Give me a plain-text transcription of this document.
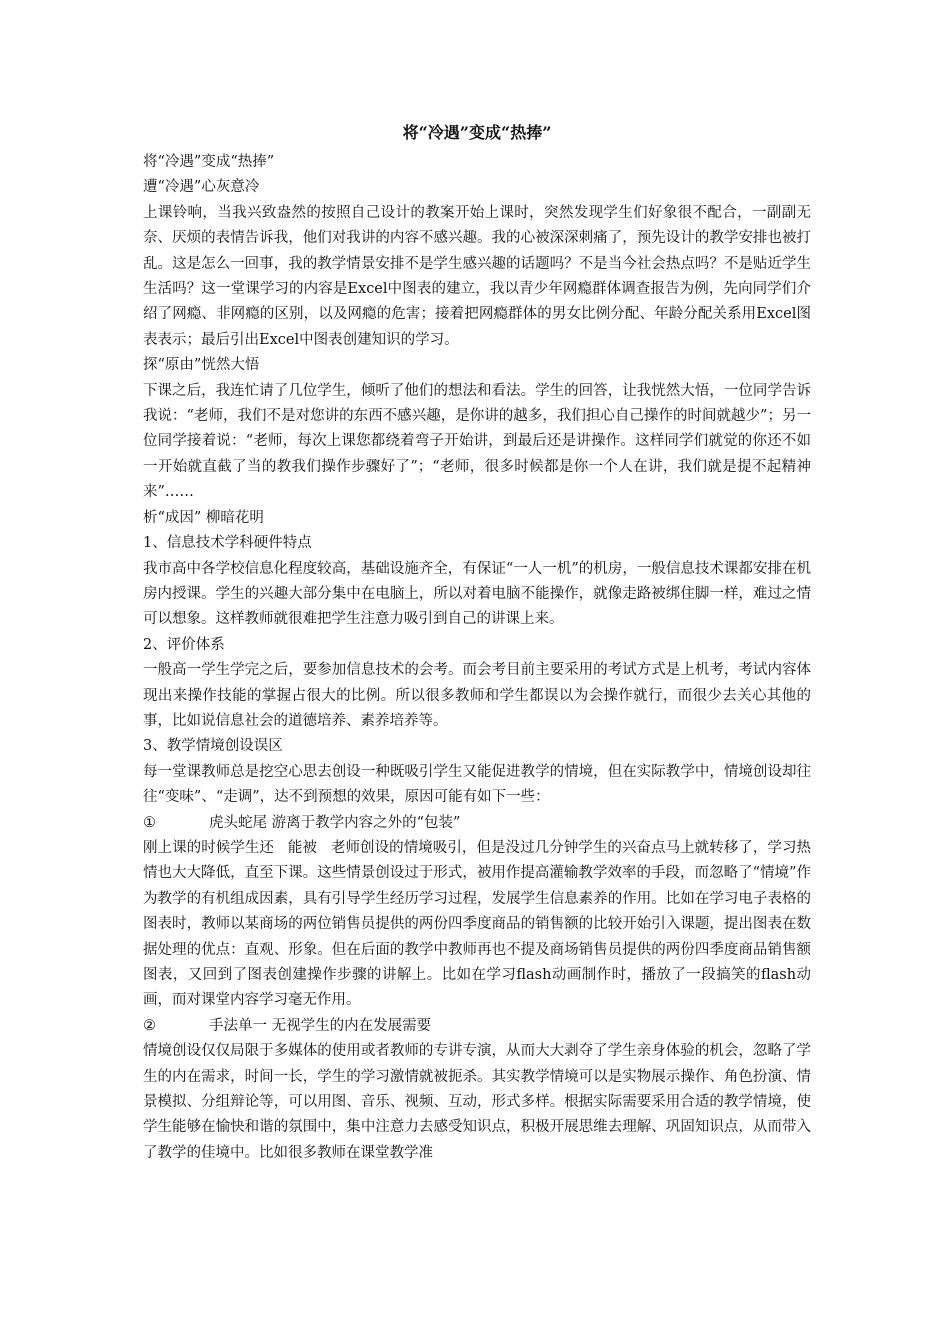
将“冷遇”变成“热捧”

将“冷遇”变成“热捧”

遭“冷遇”心灰意冷

上课铃响，当我兴致盎然的按照自己设计的教案开始上课时，突然发现学生们好象很不配合，一副副无奈、厌烦的表情告诉我，他们对我讲的内容不感兴趣。我的心被深深刺痛了，预先设计的教学安排也被打乱。这是怎么一回事，我的教学情景安排不是学生感兴趣的话题吗？不是当今社会热点吗？不是贴近学生生活吗？这一堂课学习的内容是Excel中图表的建立，我以青少年网瘾群体调查报告为例，先向同学们介绍了网瘾、非网瘾的区别，以及网瘾的危害；接着把网瘾群体的男女比例分配、年龄分配关系用Excel图表表示；最后引出Excel中图表创建知识的学习。

探“原由”恍然大悟

下课之后，我连忙请了几位学生，倾听了他们的想法和看法。学生的回答，让我恍然大悟，一位同学告诉我说：“老师，我们不是对您讲的东西不感兴趣，是你讲的越多，我们担心自己操作的时间就越少”；另一位同学接着说：“老师，每次上课您都绕着弯子开始讲，到最后还是讲操作。这样同学们就觉的你还不如一开始就直截了当的教我们操作步骤好了”；“老师，很多时候都是你一个人在讲，我们就是提不起精神来”……

析“成因” 柳暗花明

1、信息技术学科硬件特点

我市高中各学校信息化程度较高，基础设施齐全，有保证“一人一机”的机房，一般信息技术课都安排在机房内授课。学生的兴趣大部分集中在电脑上，所以对着电脑不能操作，就像走路被绑住脚一样，难过之情可以想象。这样教师就很难把学生注意力吸引到自己的讲课上来。

2、评价体系

一般高一学生学完之后，要参加信息技术的会考。而会考目前主要采用的考试方式是上机考，考试内容体现出来操作技能的掌握占很大的比例。所以很多教师和学生都误以为会操作就行，而很少去关心其他的事，比如说信息社会的道德培养、素养培养等。

3、教学情境创设误区

每一堂课教师总是挖空心思去创设一种既吸引学生又能促进教学的情境，但在实际教学中，情境创设却往往“变味”、“走调”，达不到预想的效果，原因可能有如下一些：

①	虎头蛇尾 游离于教学内容之外的“包装”

刚上课的时候学生还   能被   老师创设的情境吸引，但是没过几分钟学生的兴奋点马上就转移了，学习热情也大大降低，直至下课。这些情景创设过于形式，被用作提高灌输教学效率的手段，而忽略了“情境”作为教学的有机组成因素，具有引导学生经历学习过程，发展学生信息素养的作用。比如在学习电子表格的图表时，教师以某商场的两位销售员提供的两份四季度商品的销售额的比较开始引入课题，提出图表在数据处理的优点：直观、形象。但在后面的教学中教师再也不提及商场销售员提供的两份四季度商品销售额图表，又回到了图表创建操作步骤的讲解上。比如在学习flash动画制作时，播放了一段搞笑的flash动画，而对课堂内容学习毫无作用。

②	手法单一 无视学生的内在发展需要

情境创设仅仅局限于多媒体的使用或者教师的专讲专演，从而大大剥夺了学生亲身体验的机会，忽略了学生的内在需求，时间一长，学生的学习激情就被扼杀。其实教学情境可以是实物展示操作、角色扮演、情景模拟、分组辩论等，可以用图、音乐、视频、互动，形式多样。根据实际需要采用合适的教学情境，使学生能够在愉快和谐的氛围中，集中注意力去感受知识点，积极开展思维去理解、巩固知识点，从而带入了教学的佳境中。比如很多教师在课堂教学准
